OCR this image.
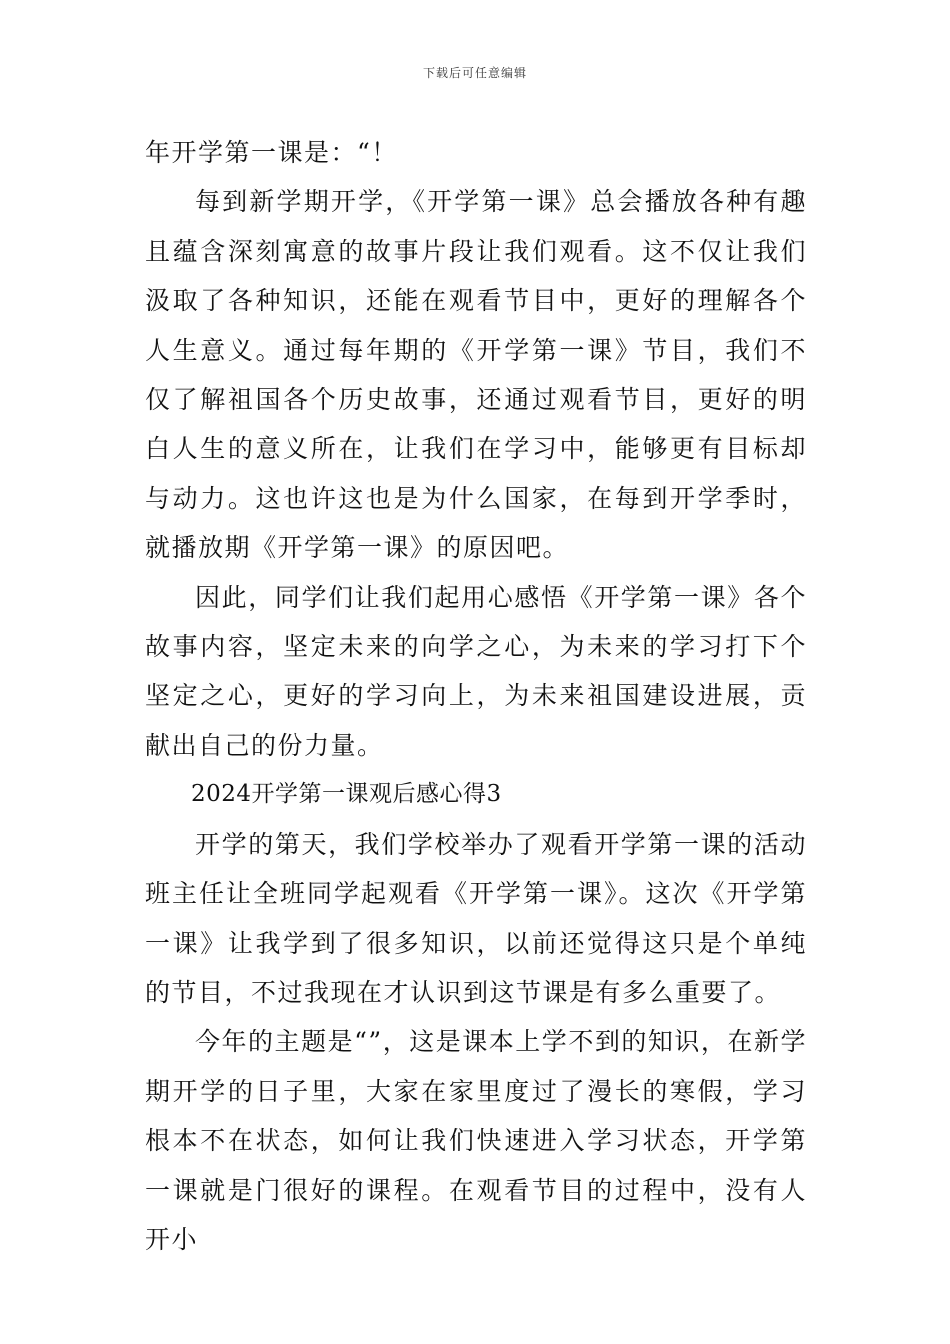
下载后可任意编辑

年开学第一课是：“！

每到新学期开学，《开学第一课》总会播放各种有趣且蕴含深刻寓意的故事片段让我们观看。这不仅让我们汲取了各种知识，还能在观看节目中，更好的理解各个人生意义。通过每年期的《开学第一课》节目，我们不仅了解祖国各个历史故事，还通过观看节目，更好的明白人生的意义所在，让我们在学习中，能够更有目标却与动力。这也许这也是为什么国家，在每到开学季时，就播放期《开学第一课》的原因吧。

因此，同学们让我们起用心感悟《开学第一课》各个故事内容，坚定未来的向学之心，为未来的学习打下个坚定之心，更好的学习向上，为未来祖国建设进展，贡献出自己的份力量。

2024开学第一课观后感心得3

开学的第天，我们学校举办了观看开学第一课的活动班主任让全班同学起观看《开学第一课》。这次《开学第一课》让我学到了很多知识，以前还觉得这只是个单纯的节目，不过我现在才认识到这节课是有多么重要了。

今年的主题是“”，这是课本上学不到的知识，在新学期开学的日子里，大家在家里度过了漫长的寒假，学习根本不在状态，如何让我们快速进入学习状态，开学第一课就是门很好的课程。在观看节目的过程中，没有人开小
